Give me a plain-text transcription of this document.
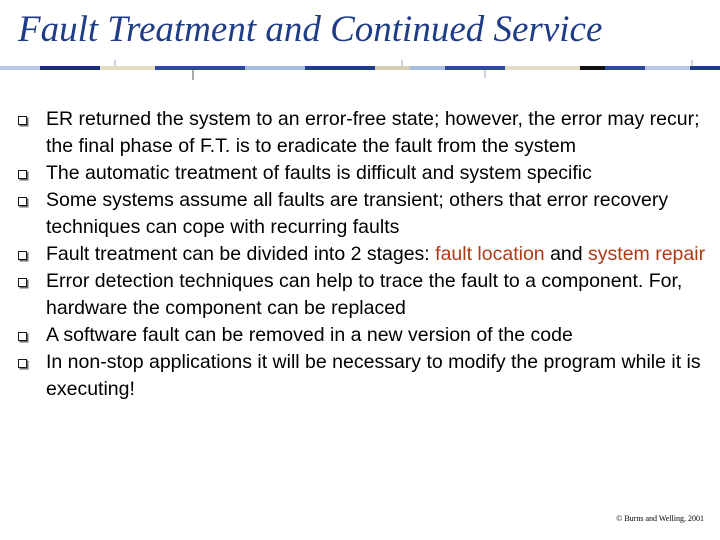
Fault Treatment and Continued Service
ER returned the system to an error-free state; however, the error may recur; the final phase of F.T. is to eradicate the fault from the system
The automatic treatment of faults is difficult and system specific
Some systems assume all faults are transient; others that error recovery techniques can cope with recurring faults
Fault treatment can be divided into 2 stages: fault location and system repair
Error detection techniques can help to trace the fault to a component. For, hardware the component can be replaced
A software fault can be removed in a new version of the code
In non-stop applications it will be necessary to modify the program while it is executing!
© Burns and Welling, 2001
